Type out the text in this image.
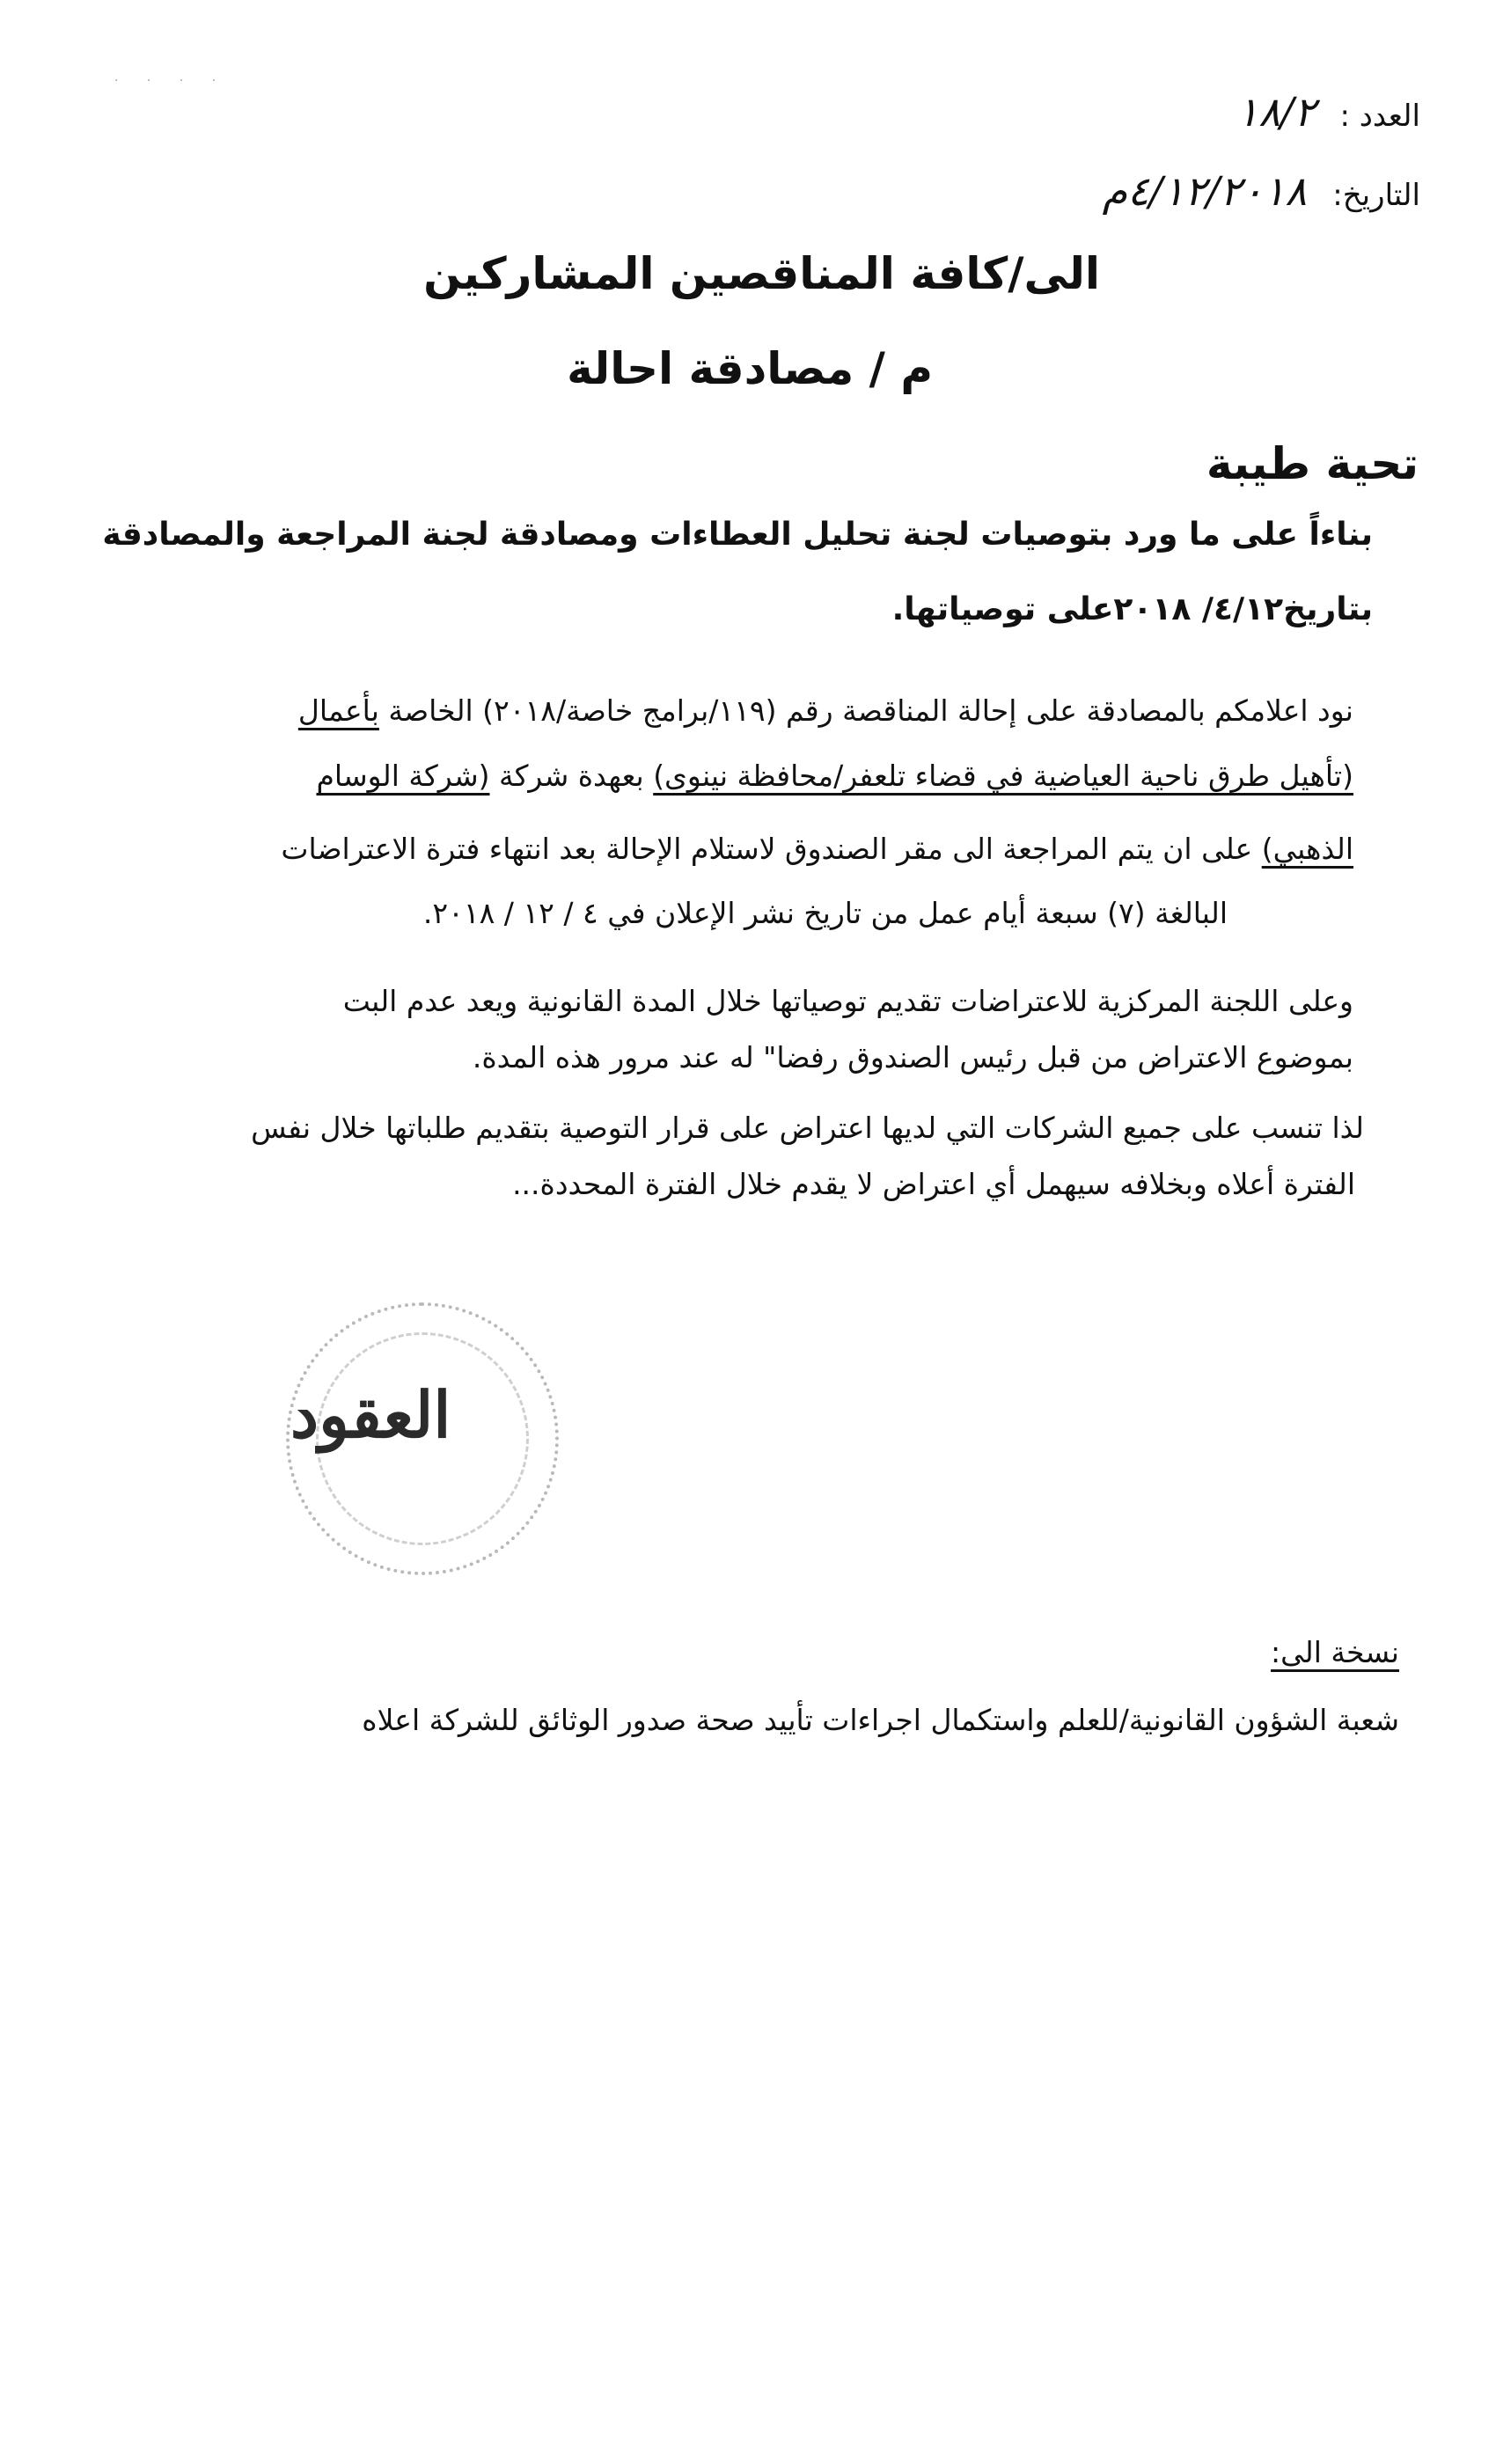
· · · ·
العدد :
١٨/٢
التاريخ:
٤/١٢/٢٠١٨م
الى/كافة المناقصين المشاركين
م / مصادقة احالة
تحية طيبة
بناءاً على ما ورد بتوصيات لجنة تحليل العطاءات ومصادقة لجنة المراجعة والمصادقة
بتاريخ٤/١٢/ ٢٠١٨على توصياتها.
نود اعلامكم بالمصادقة على إحالة المناقصة رقم (١١٩/برامج خاصة/٢٠١٨) الخاصة بأعمال
(تأهيل طرق ناحية العياضية في قضاء تلعفر/محافظة نينوى) بعهدة شركة (شركة الوسام
الذهبي) على ان يتم المراجعة الى مقر الصندوق لاستلام الإحالة بعد انتهاء فترة الاعتراضات
البالغة (٧) سبعة أيام عمل من تاريخ نشر الإعلان في ٤ / ١٢ / ٢٠١٨.
وعلى اللجنة المركزية للاعتراضات تقديم توصياتها خلال المدة القانونية ويعد عدم البت
بموضوع الاعتراض من قبل رئيس الصندوق رفضا" له عند مرور هذه المدة.
لذا تنسب على جميع الشركات التي لديها اعتراض على قرار التوصية بتقديم طلباتها خلال نفس
الفترة أعلاه وبخلافه سيهمل أي اعتراض لا يقدم خلال الفترة المحددة...
العقود
نسخة الى:
شعبة الشؤون القانونية/للعلم واستكمال اجراءات تأييد صحة صدور الوثائق للشركة اعلاه
